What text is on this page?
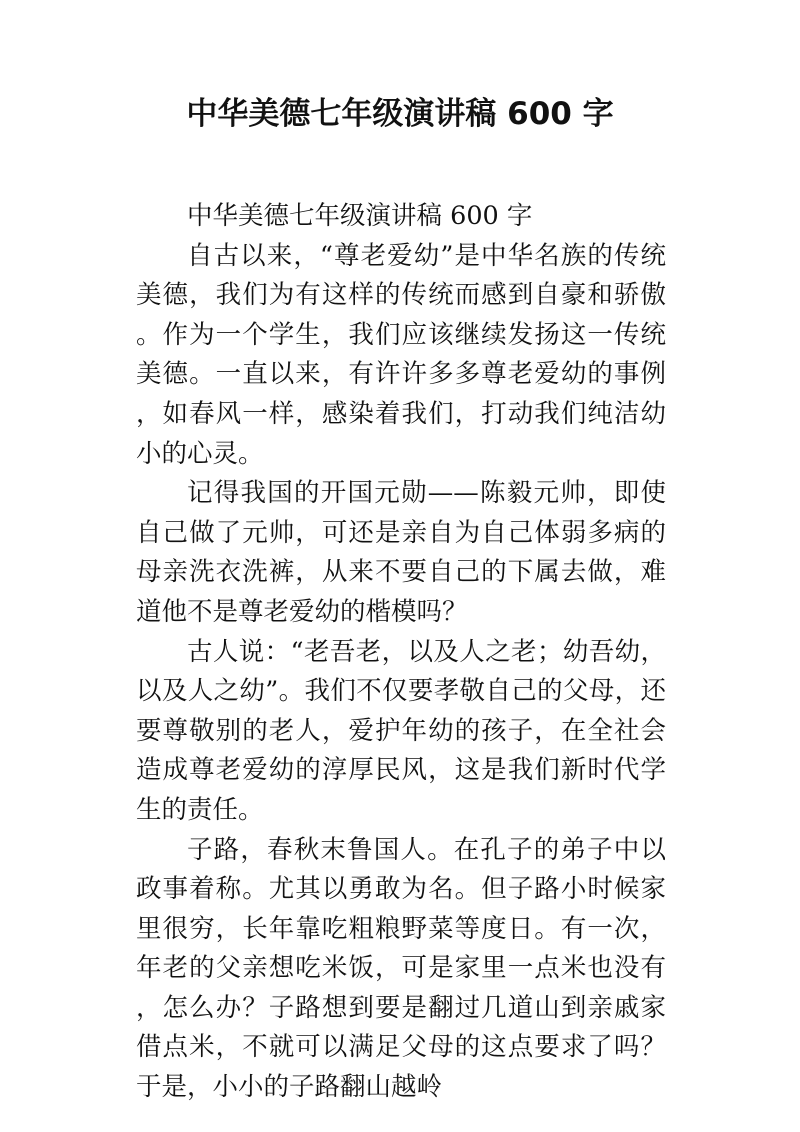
中华美德七年级演讲稿 600 字

中华美德七年级演讲稿 600 字

自古以来，“尊老爱幼”是中华名族的传统美德，我们为有这样的传统而感到自豪和骄傲。作为一个学生，我们应该继续发扬这一传统美德。一直以来，有许许多多尊老爱幼的事例，如春风一样，感染着我们，打动我们纯洁幼小的心灵。

记得我国的开国元勋——陈毅元帅，即使自己做了元帅，可还是亲自为自己体弱多病的母亲洗衣洗裤，从来不要自己的下属去做，难道他不是尊老爱幼的楷模吗？

古人说：“老吾老，以及人之老；幼吾幼，以及人之幼”。我们不仅要孝敬自己的父母，还要尊敬别的老人，爱护年幼的孩子，在全社会造成尊老爱幼的淳厚民风，这是我们新时代学生的责任。

子路，春秋末鲁国人。在孔子的弟子中以政事着称。尤其以勇敢为名。但子路小时候家里很穷，长年靠吃粗粮野菜等度日。有一次，年老的父亲想吃米饭，可是家里一点米也没有，怎么办？子路想到要是翻过几道山到亲戚家借点米，不就可以满足父母的这点要求了吗？于是，小小的子路翻山越岭
